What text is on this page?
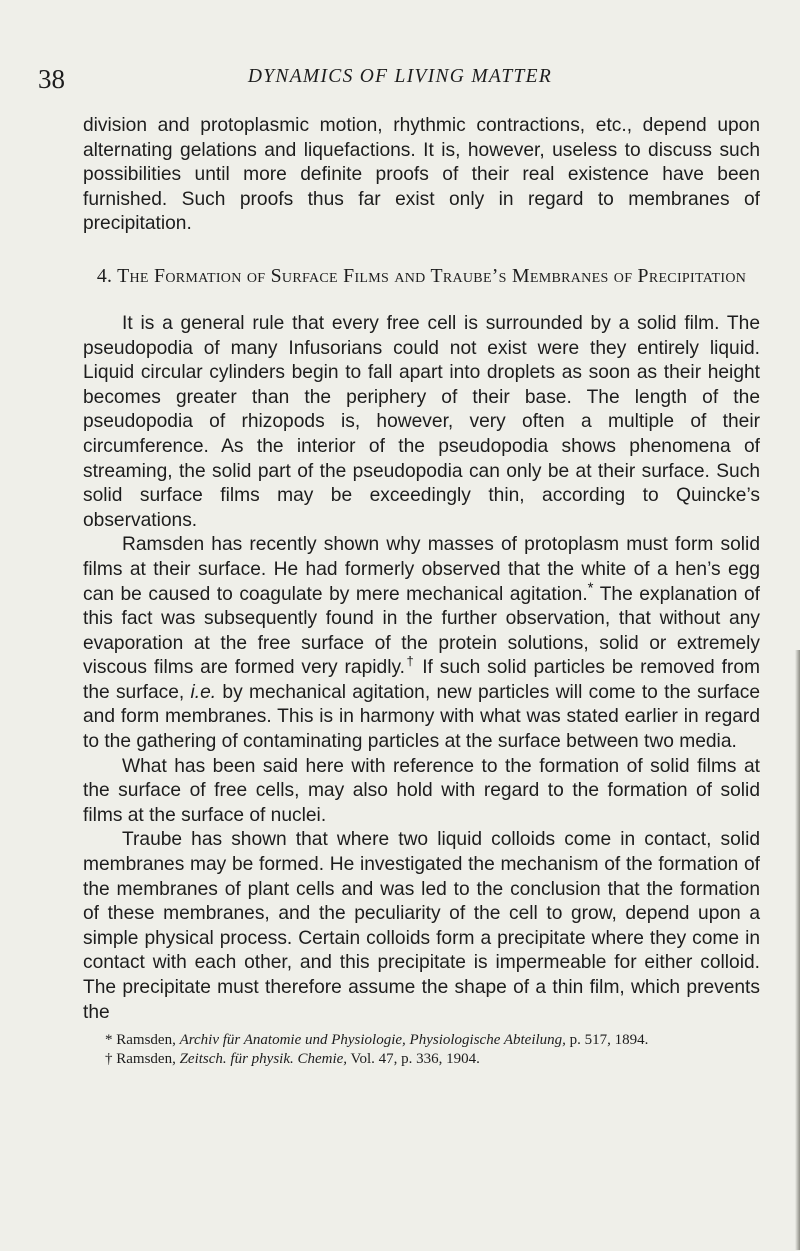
38	DYNAMICS OF LIVING MATTER

division and protoplasmic motion, rhythmic contractions, etc., depend upon alternating gelations and liquefactions. It is, however, useless to discuss such possibilities until more definite proofs of their real existence have been furnished. Such proofs thus far exist only in regard to membranes of precipitation.

4. The Formation of Surface Films and Traube’s Membranes of Precipitation

It is a general rule that every free cell is surrounded by a solid film. The pseudopodia of many Infusorians could not exist were they entirely liquid. Liquid circular cylinders begin to fall apart into droplets as soon as their height becomes greater than the periphery of their base. The length of the pseudopodia of rhizopods is, however, very often a multiple of their circumference. As the interior of the pseudopodia shows phenomena of streaming, the solid part of the pseudopodia can only be at their surface. Such solid surface films may be exceedingly thin, according to Quincke’s observations.

Ramsden has recently shown why masses of protoplasm must form solid films at their surface. He had formerly observed that the white of a hen’s egg can be caused to coagulate by mere mechanical agitation.* The explanation of this fact was subsequently found in the further observation, that without any evaporation at the free surface of the protein solutions, solid or extremely viscous films are formed very rapidly.† If such solid particles be removed from the surface, i.e. by mechanical agitation, new particles will come to the surface and form membranes. This is in harmony with what was stated earlier in regard to the gathering of contaminating particles at the surface between two media.

What has been said here with reference to the formation of solid films at the surface of free cells, may also hold with regard to the formation of solid films at the surface of nuclei.

Traube has shown that where two liquid colloids come in contact, solid membranes may be formed. He investigated the mechanism of the formation of the membranes of plant cells and was led to the conclusion that the formation of these membranes, and the peculiarity of the cell to grow, depend upon a simple physical process. Certain colloids form a precipitate where they come in contact with each other, and this precipitate is impermeable for either colloid. The precipitate must therefore assume the shape of a thin film, which prevents the

* Ramsden, Archiv für Anatomie und Physiologie, Physiologische Abteilung, p. 517, 1894.
† Ramsden, Zeitsch. für physik. Chemie, Vol. 47, p. 336, 1904.
